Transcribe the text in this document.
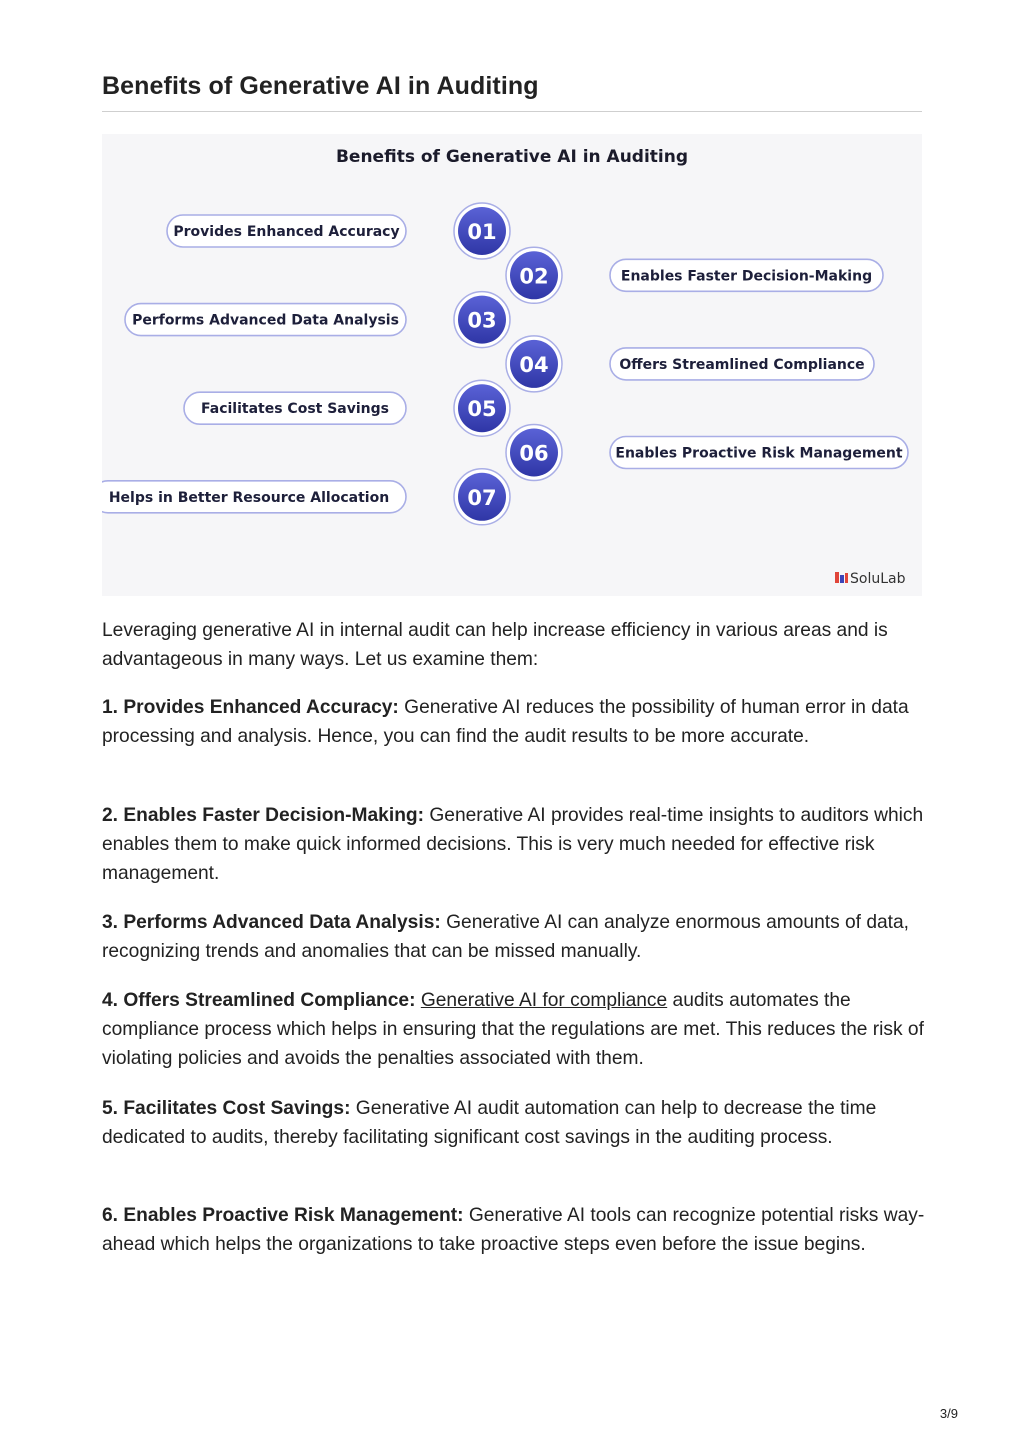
Benefits of Generative AI in Auditing
Benefits of Generative AI in Auditing
Provides Enhanced Accuracy	01
Enables Faster Decision-Making
02
Performs Advanced Data Analysis	03
Offers Streamlined Compliance
04
Facilitates Cost Savings	05
Enables Proactive Risk Management
06
Helps in Better Resource Allocation	07
SoluLab

Leveraging generative AI in internal audit can help increase efficiency in various areas and is advantageous in many ways. Let us examine them:

1. Provides Enhanced Accuracy: Generative AI reduces the possibility of human error in data processing and analysis. Hence, you can find the audit results to be more accurate.

2. Enables Faster Decision-Making: Generative AI provides real-time insights to auditors which enables them to make quick informed decisions. This is very much needed for effective risk management.

3. Performs Advanced Data Analysis: Generative AI can analyze enormous amounts of data, recognizing trends and anomalies that can be missed manually.

4. Offers Streamlined Compliance: Generative AI for compliance audits automates the compliance process which helps in ensuring that the regulations are met. This reduces the risk of violating policies and avoids the penalties associated with them.

5. Facilitates Cost Savings: Generative AI audit automation can help to decrease the time dedicated to audits, thereby facilitating significant cost savings in the auditing process.

6. Enables Proactive Risk Management: Generative AI tools can recognize potential risks way- ahead which helps the organizations to take proactive steps even before the issue begins.

3/9
